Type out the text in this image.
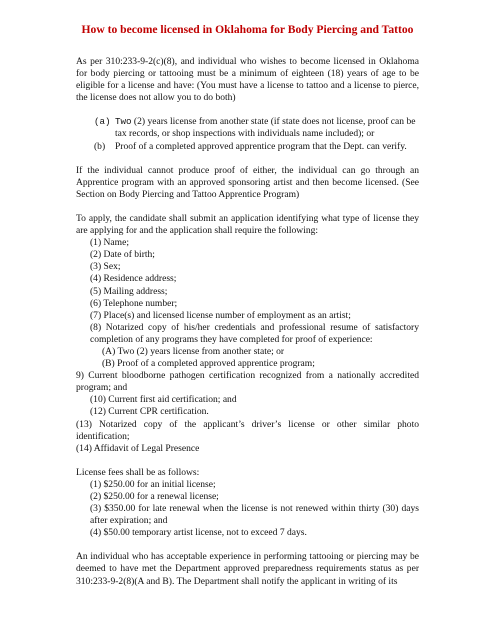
How to become licensed in Oklahoma for Body Piercing and Tattoo

As per 310:233-9-2(c)(8), and individual who wishes to become licensed in Oklahoma for body piercing or tattooing must be a minimum of eighteen (18) years of age to be eligible for a license and have: (You must have a license to tattoo and a license to pierce, the license does not allow you to do both)

(a) Two (2) years license from another state (if state does not license, proof can be tax records, or shop inspections with individuals name included); or
(b)	Proof of a completed approved apprentice program that the Dept. can verify.

If the individual cannot produce proof of either, the individual can go through an Apprentice program with an approved sponsoring artist and then become licensed. (See Section on Body Piercing and Tattoo Apprentice Program)

To apply, the candidate shall submit an application identifying what type of license they are applying for and the application shall require the following:
(1) Name;
(2) Date of birth;
(3) Sex;
(4) Residence address;
(5) Mailing address;
(6) Telephone number;
(7) Place(s) and licensed license number of employment as an artist;
(8) Notarized copy of his/her credentials and professional resume of satisfactory completion of any programs they have completed for proof of experience:
(A) Two (2) years license from another state; or
(B) Proof of a completed approved apprentice program;
9) Current bloodborne pathogen certification recognized from a nationally accredited program; and
(10) Current first aid certification; and
(12) Current CPR certification.
(13) Notarized copy of the applicant’s driver’s license or other similar photo identification;
(14) Affidavit of Legal Presence
License fees shall be as follows:
(1) $250.00 for an initial license;
(2) $250.00 for a renewal license;
(3) $350.00 for late renewal when the license is not renewed within thirty (30) days after expiration; and
(4) $50.00 temporary artist license, not to exceed 7 days.

An individual who has acceptable experience in performing tattooing or piercing may be deemed to have met the Department approved preparedness requirements status as per 310:233-9-2(8)(A and B). The Department shall notify the applicant in writing of its
